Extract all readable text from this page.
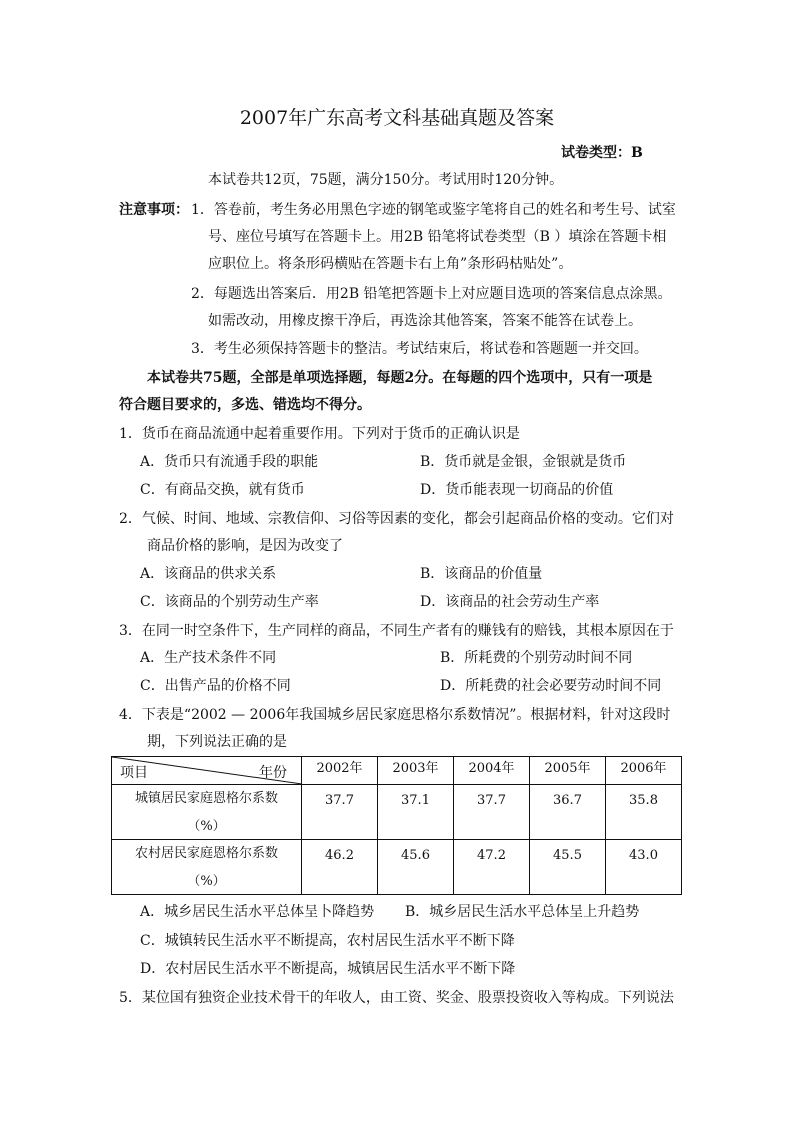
2007年广东高考文科基础真题及答案
试卷类型：B
本试卷共12页，75题，满分150分。考试用时120分钟。
注意事项： 1．答卷前，考生务必用黑色字迹的钢笔或鉴字笔将自己的姓名和考生号、试室
号、座位号填写在答题卡上。用2B 铅笔将试卷类型（B ）填涂在答题卡相
应职位上。将条形码横贴在答题卡右上角”条形码枯贴处”。
2．每题选出答案后．用2B 铅笔把答题卡上对应题目选项的答案信息点涂黑。
如需改动，用橡皮擦干净后，再选涂其他答案，答案不能答在试卷上。
3．考生必须保持答题卡的整洁。考试结束后，将试卷和答题题一并交回。
本试卷共75题，全部是单项选择题，每题2分。在每题的四个选项中，只有一项是
符合题目要求的，多选、错选均不得分。
1．货币在商品流通中起着重要作用。下列对于货币的正确认识是
A．货币只有流通手段的职能	B．货币就是金银，金银就是货币
C．有商品交换，就有货币	D．货币能表现一切商品的价值
2．气候、时间、地域、宗教信仰、习俗等因素的变化，都会引起商品价格的变动。它们对
商品价格的影响，是因为改变了
A．该商品的供求关系	B．该商品的价值量
C．该商品的个别劳动生产率	D．该商品的社会劳动生产率
3．在同一时空条件下，生产同样的商品，不同生产者有的赚钱有的赔钱，其根本原因在于
A．生产技术条件不同	B．所耗费的个别劳动时间不同
C．出售产品的价格不同	D．所耗费的社会必要劳动时间不同
4．下表是“2002 — 2006年我国城乡居民家庭思格尔系数情况”。根据材料，针对这段时
期，下列说法正确的是
项目 年份	2002年	2003年	2004年	2005年	2006年

城镇居民家庭恩格尔系数
（%）	37.7	37.1	37.7	36.7	35.8

农村居民家庭恩格尔系数
（%）	46.2	45.6	47.2	45.5	43.0
A．城乡居民生活水平总体呈卜降趋势 B．城乡居民生活水平总体呈上升趋势
C．城镇转民生活水平不断提高，农村居民生活水平不断下降
D．农村居民生活水平不断提高，城镇居民生活水平不断下降
5．某位国有独资企业技术骨干的年收人，由工资、奖金、股票投资收入等构成。下列说法
